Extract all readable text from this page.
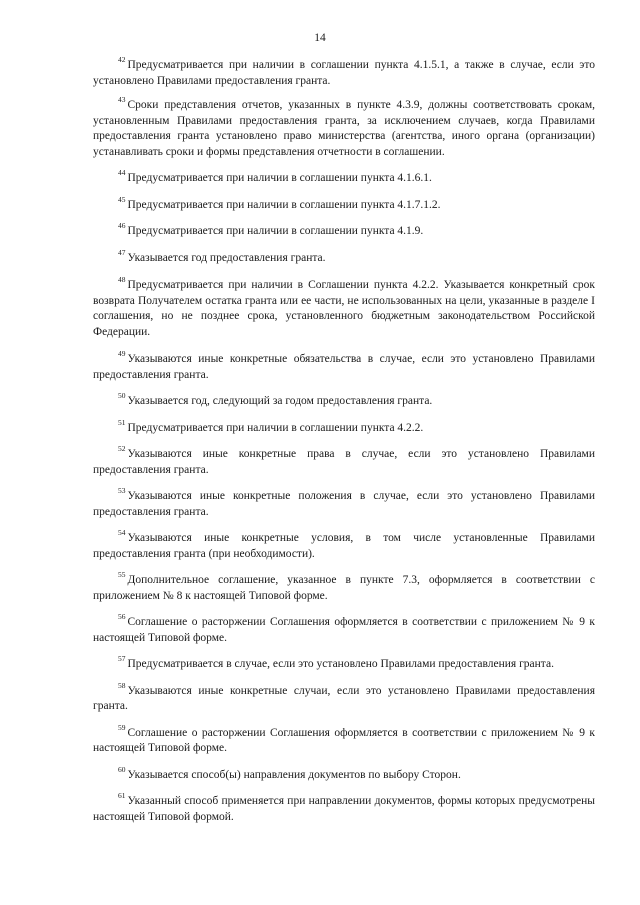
14

$^{42}$ Предусматривается при наличии в соглашении пункта 4.1.5.1, а также в случае, если это установлено Правилами предоставления гранта.

$^{43}$ Сроки представления отчетов, указанных в пункте 4.3.9, должны соответствовать срокам, установленным Правилами предоставления гранта, за исключением случаев, когда Правилами предоставления гранта установлено право министерства (агентства, иного органа (организации) устанавливать сроки и формы представления отчетности в соглашении.

$^{44}$ Предусматривается при наличии в соглашении пункта 4.1.6.1.

$^{45}$ Предусматривается при наличии в соглашении пункта 4.1.7.1.2.

$^{46}$ Предусматривается при наличии в соглашении пункта 4.1.9.

$^{47}$ Указывается год предоставления гранта.

$^{48}$ Предусматривается при наличии в Соглашении пункта 4.2.2. Указывается конкретный срок возврата Получателем остатка гранта или ее части, не использованных на цели, указанные в разделе I соглашения, но не позднее срока, установленного бюджетным законодательством Российской Федерации.

$^{49}$ Указываются иные конкретные обязательства в случае, если это установлено Правилами предоставления гранта.

$^{50}$ Указывается год, следующий за годом предоставления гранта.

$^{51}$ Предусматривается при наличии в соглашении пункта 4.2.2.

$^{52}$ Указываются иные конкретные права в случае, если это установлено Правилами предоставления гранта.

$^{53}$ Указываются иные конкретные положения в случае, если это установлено Правилами предоставления гранта.

$^{54}$ Указываются иные конкретные условия, в том числе установленные Правилами предоставления гранта (при необходимости).

$^{55}$ Дополнительное соглашение, указанное в пункте 7.3, оформляется в соответствии с приложением № 8 к настоящей Типовой форме.

$^{56}$ Соглашение о расторжении Соглашения оформляется в соответствии с приложением № 9 к настоящей Типовой форме.

$^{57}$ Предусматривается в случае, если это установлено Правилами предоставления гранта.

$^{58}$ Указываются иные конкретные случаи, если это установлено Правилами предоставления гранта.

$^{59}$ Соглашение о расторжении Соглашения оформляется в соответствии с приложением № 9 к настоящей Типовой форме.

$^{60}$ Указывается способ(ы) направления документов по выбору Сторон.

$^{61}$ Указанный способ применяется при направлении документов, формы которых предусмотрены настоящей Типовой формой.
